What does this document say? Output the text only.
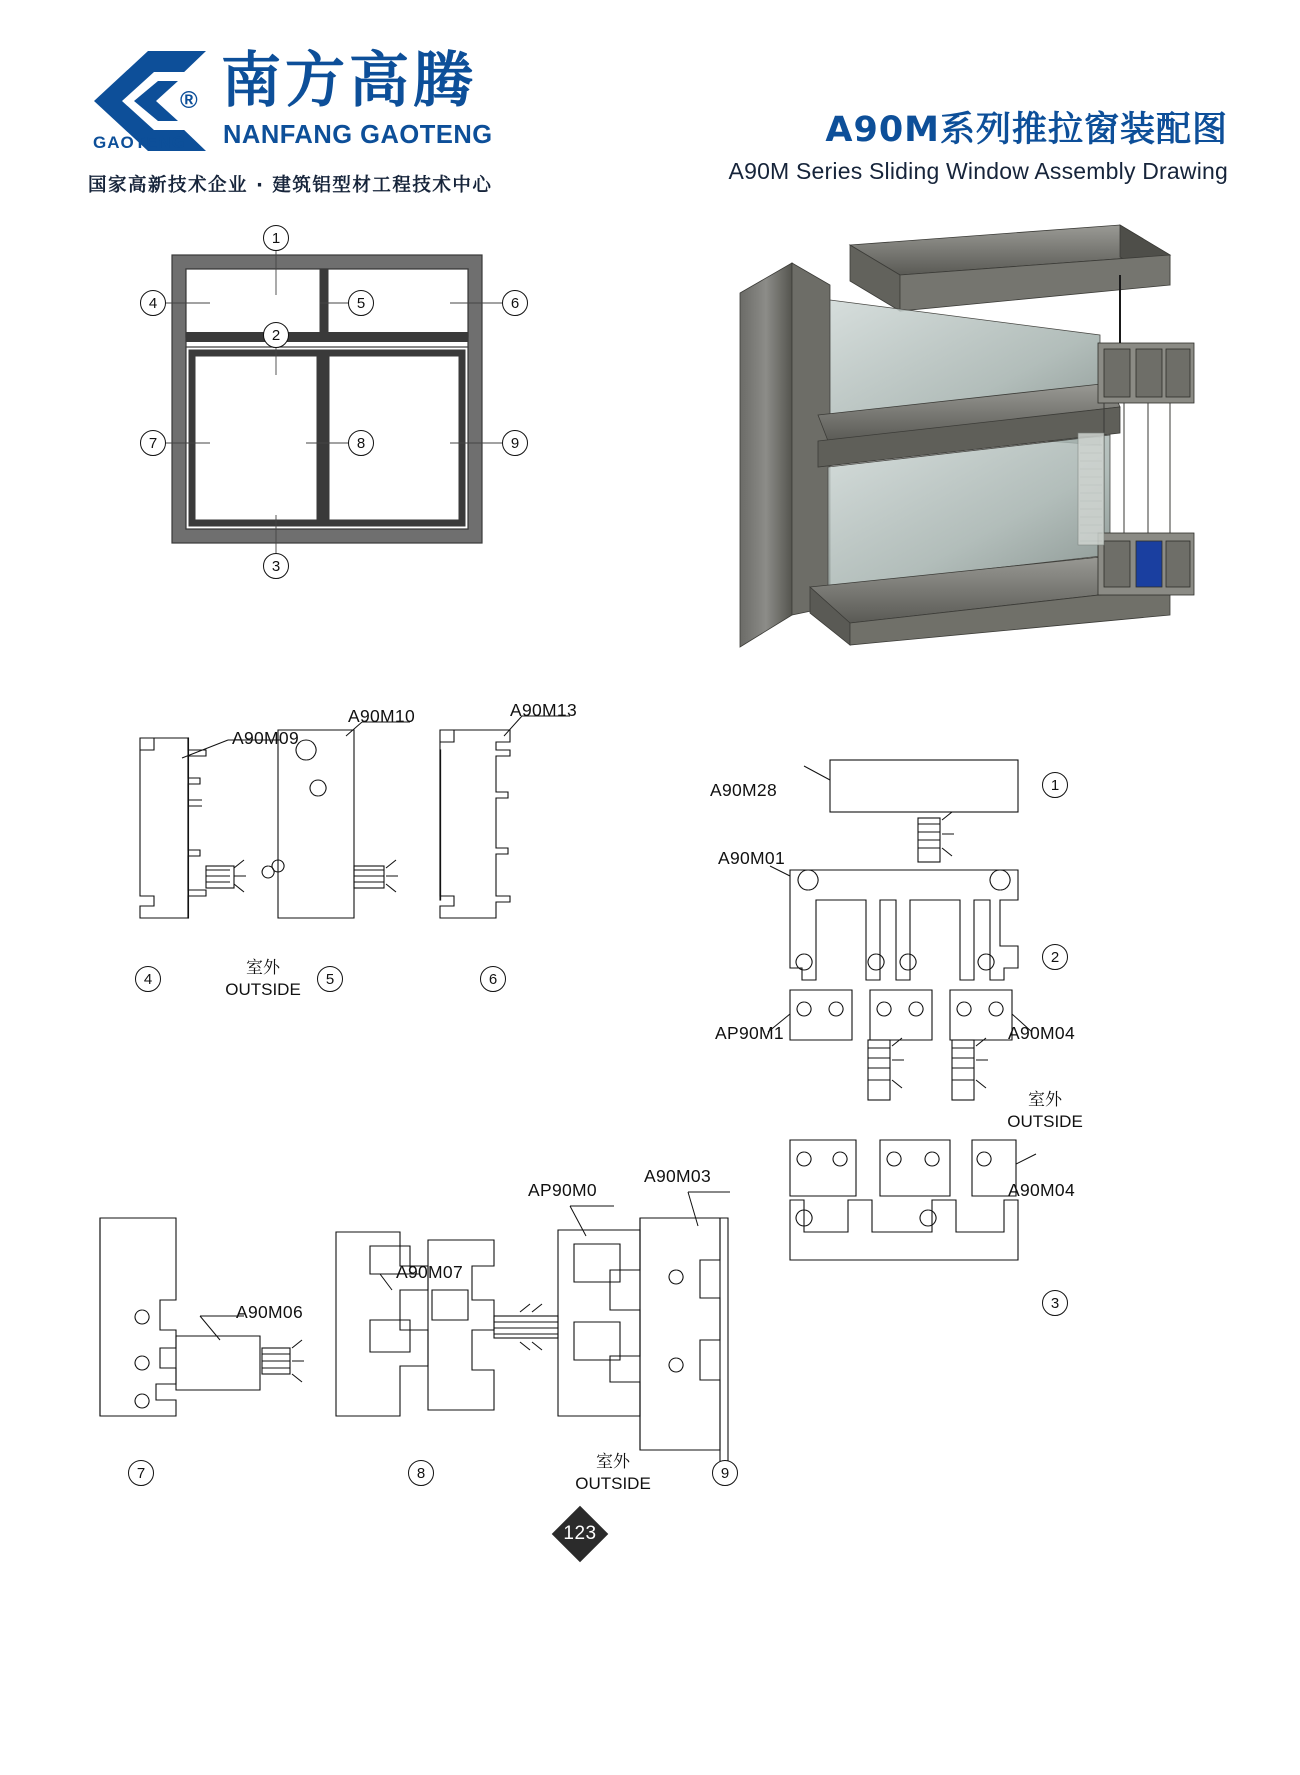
® 南方高腾
NANFANG GAOTENG
GAOTENG
国家高新技术企业 · 建筑铝型材工程技术中心
A90M系列推拉窗装配图
A90M Series Sliding Window Assembly Drawing
1
2
3
4	5	6
7	8	9
A90M09
A90M10	A90M13
4	5	6
室外
OUTSIDE
A90M28
A90M01
AP90M1	A90M04
A90M04
1
2
3
室外
OUTSIDE
A90M06
A90M07
AP90M0
A90M03
7	8	9
室外
OUTSIDE
123
